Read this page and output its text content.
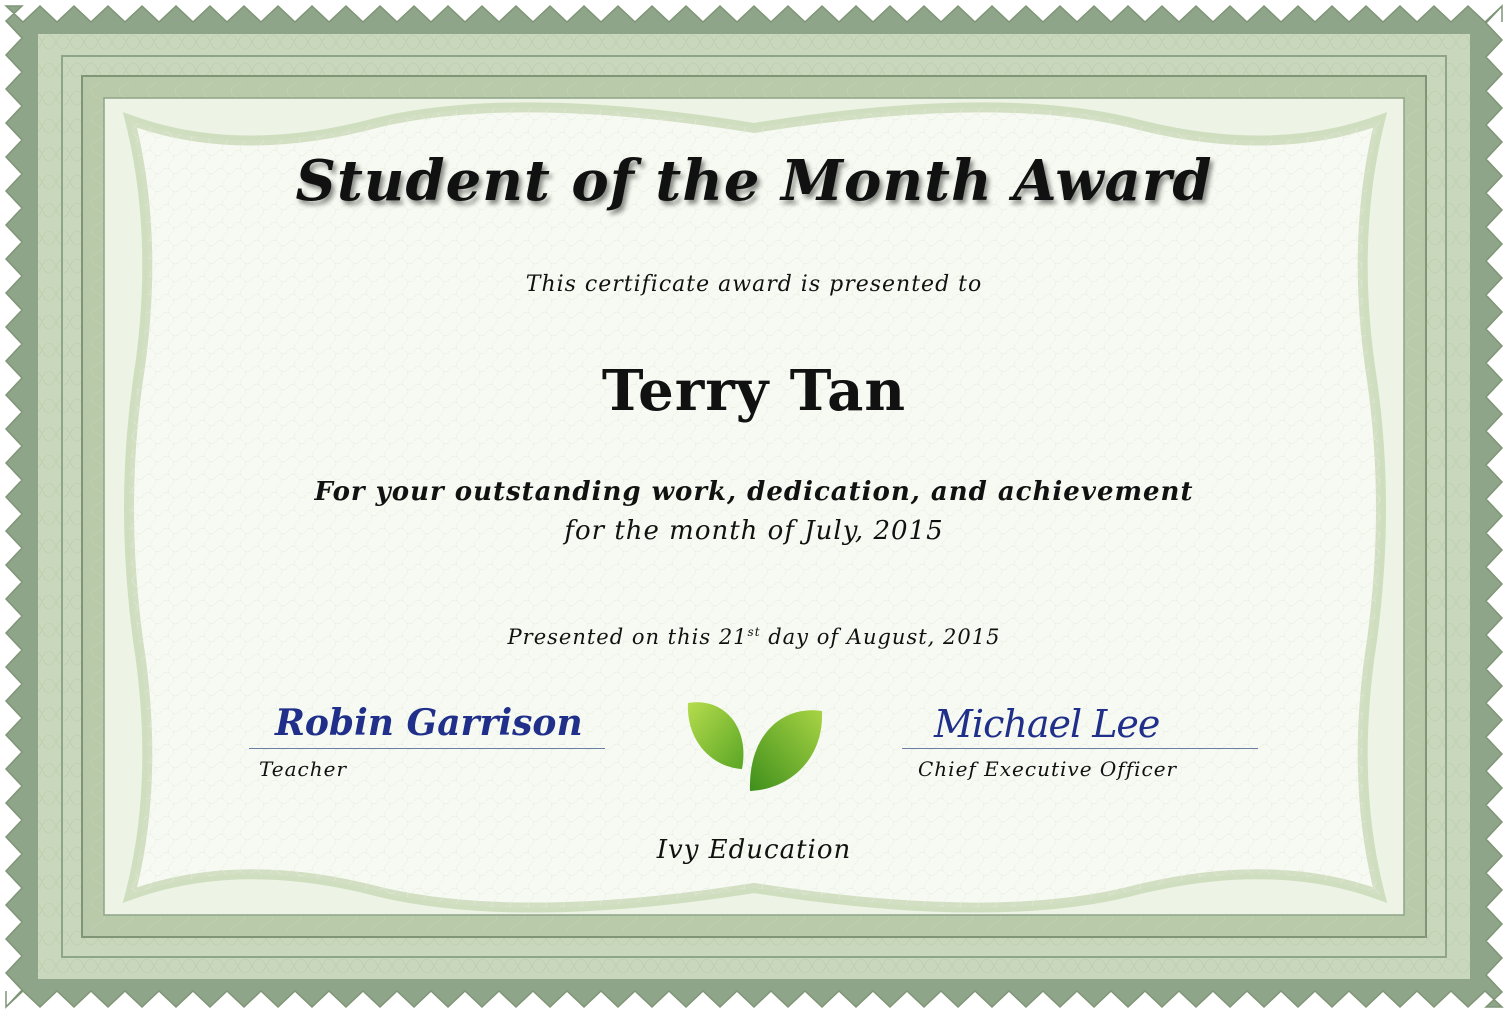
Student of the Month Award

This certificate award is presented to

Terry Tan

For your outstanding work, dedication, and achievement

for the month of July, 2015

Presented on this 21st day of August, 2015

Robin Garrison
Teacher
Michael Lee
Chief Executive Officer

Ivy Education
